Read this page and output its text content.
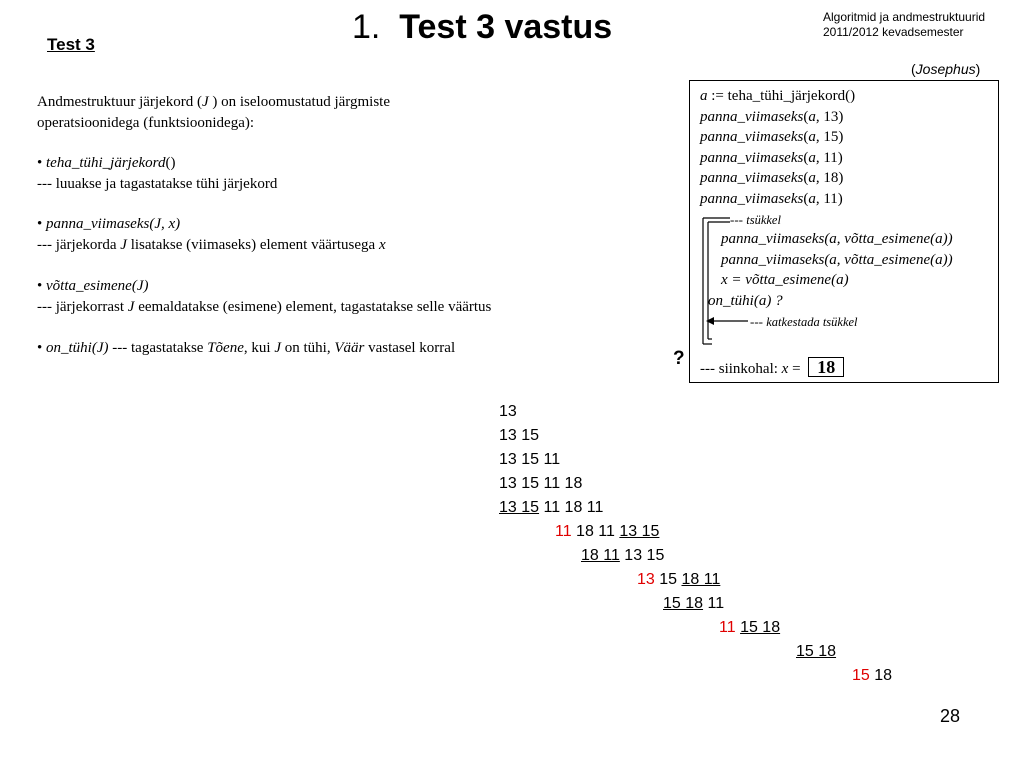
1. Test 3 vastus	Algoritmid ja andmestruktuurid
2011/2012 kevadsemester
Test 3
(Josephus)
Andmestruktuur järjekord (J ) on iseloomustatud järgmiste
operatsioonidega (funktsioonidega):
• teha_tühi_järjekord()
--- luuakse ja tagastatakse tühi järjekord
• panna_viimaseks(J, x)
--- järjekorda J lisatakse (viimaseks) element väärtusega x
• võtta_esimene(J)
--- järjekorrast J eemaldatakse (esimene) element, tagastatakse selle väärtus
• on_tühi(J) --- tagastatakse Tõene, kui J on tühi, Väär vastasel korral
a := teha_tühi_järjekord()
panna_viimaseks(a, 13)
panna_viimaseks(a, 15)
panna_viimaseks(a, 11)
panna_viimaseks(a, 18)
panna_viimaseks(a, 11)
--- tsükkel
panna_viimaseks(a, võtta_esimene(a))
panna_viimaseks(a, võtta_esimene(a))
x = võtta_esimene(a)
on_tühi(a) ?
--- katkestada tsükkel
--- siinkohal: x = 18
?
13
13 15
13 15 11
13 15 11 18
13 15 11 18 11
11 18 11 13 15
18 11 13 15
13 15 18 11
15 18 11
11 15 18
15 18
15 18
28
